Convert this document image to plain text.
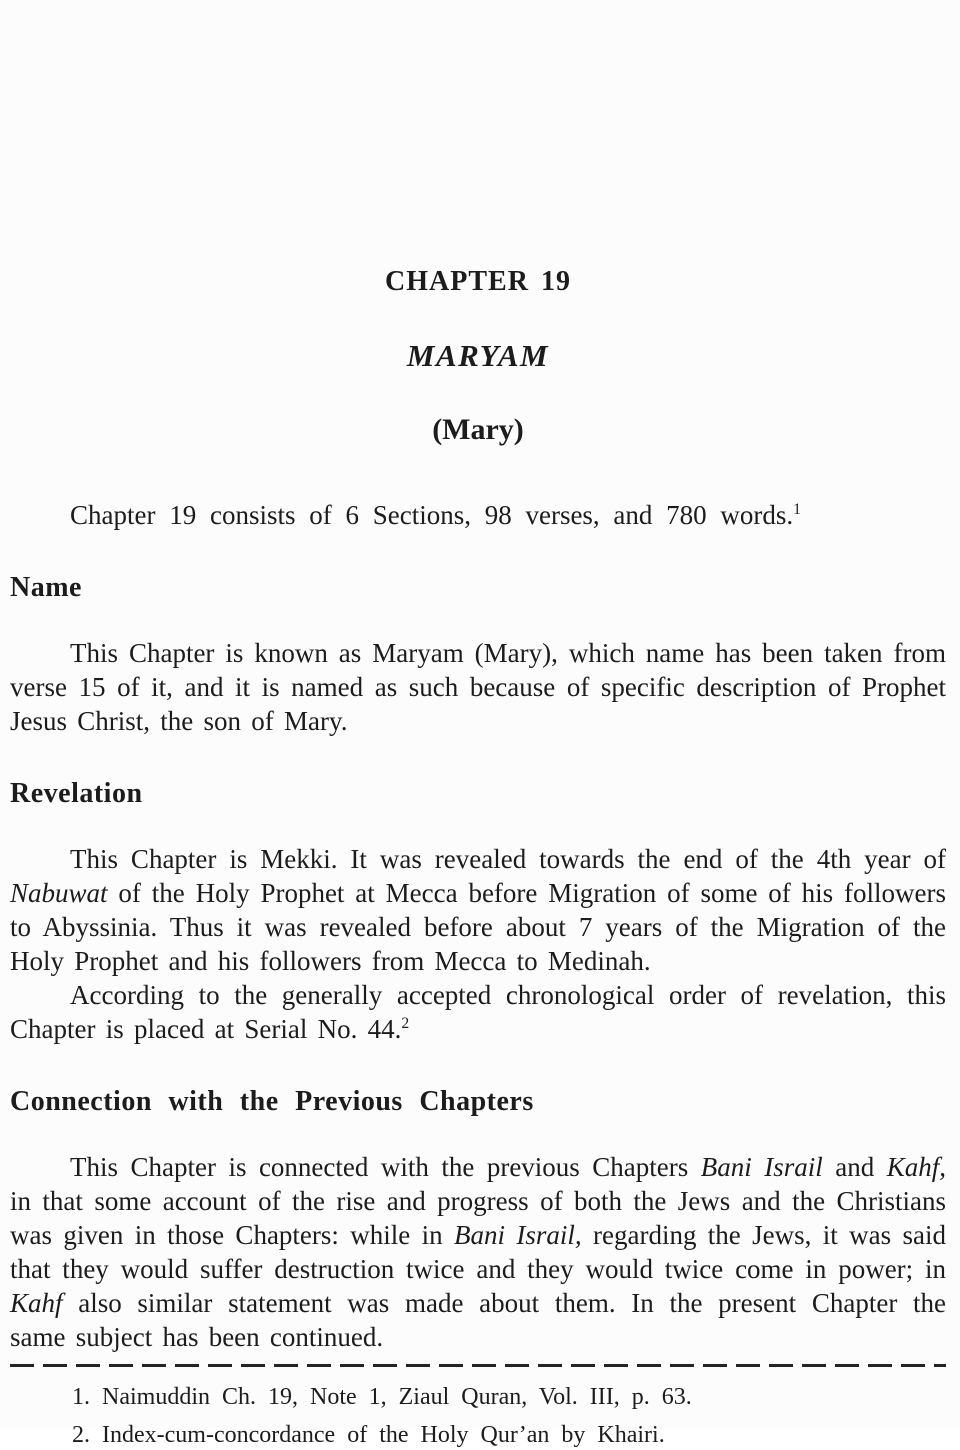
CHAPTER 19
MARYAM
(Mary)

Chapter 19 consists of 6 Sections, 98 verses, and 780 words.$^1$

Name

This Chapter is known as Maryam (Mary), which name has been taken from verse 15 of it, and it is named as such because of specific description of Prophet Jesus Christ, the son of Mary.

Revelation

This Chapter is Mekki. It was revealed towards the end of the 4th year of Nabuwat of the Holy Prophet at Mecca before Migration of some of his followers to Abyssinia. Thus it was revealed before about 7 years of the Migration of the Holy Prophet and his followers from Mecca to Medinah.

According to the generally accepted chronological order of revelation, this Chapter is placed at Serial No. 44.$^2$

Connection with the Previous Chapters

This Chapter is connected with the previous Chapters Bani Israil and Kahf, in that some account of the rise and progress of both the Jews and the Christians was given in those Chapters: while in Bani Israil, regarding the Jews, it was said that they would suffer destruction twice and they would twice come in power; in Kahf also similar statement was made about them. In the present Chapter the same subject has been continued.

1. Naimuddin Ch. 19, Note 1, Ziaul Quran, Vol. III, p. 63.

2. Index-cum-concordance of the Holy Qur’an by Khairi.
